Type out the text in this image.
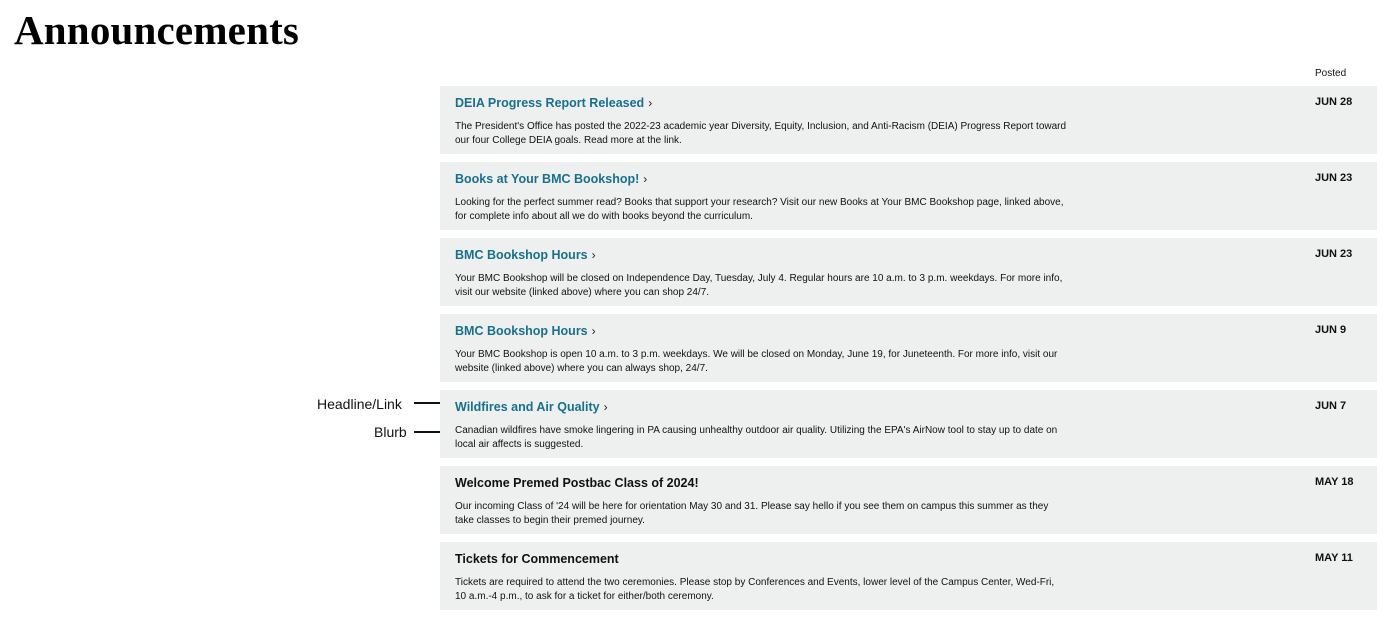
Announcements
Posted
Headline/Link
Blurb
DEIA Progress Report Released ›
The President's Office has posted the 2022-23 academic year Diversity, Equity, Inclusion, and Anti-Racism (DEIA) Progress Report toward our four College DEIA goals. Read more at the link.
JUN 28
Books at Your BMC Bookshop! ›
Looking for the perfect summer read? Books that support your research? Visit our new Books at Your BMC Bookshop page, linked above, for complete info about all we do with books beyond the curriculum.
JUN 23
BMC Bookshop Hours ›
Your BMC Bookshop will be closed on Independence Day, Tuesday, July 4. Regular hours are 10 a.m. to 3 p.m. weekdays. For more info, visit our website (linked above) where you can shop 24/7.
JUN 23
BMC Bookshop Hours ›
Your BMC Bookshop is open 10 a.m. to 3 p.m. weekdays. We will be closed on Monday, June 19, for Juneteenth. For more info, visit our website (linked above) where you can always shop, 24/7.
JUN 9
Wildfires and Air Quality ›
Canadian wildfires have smoke lingering in PA causing unhealthy outdoor air quality. Utilizing the EPA's AirNow tool to stay up to date on local air affects is suggested.
JUN 7
Welcome Premed Postbac Class of 2024!
Our incoming Class of '24 will be here for orientation May 30 and 31. Please say hello if you see them on campus this summer as they take classes to begin their premed journey.
MAY 18
Tickets for Commencement
Tickets are required to attend the two ceremonies. Please stop by Conferences and Events, lower level of the Campus Center, Wed-Fri, 10 a.m.-4 p.m., to ask for a ticket for either/both ceremony.
MAY 11
